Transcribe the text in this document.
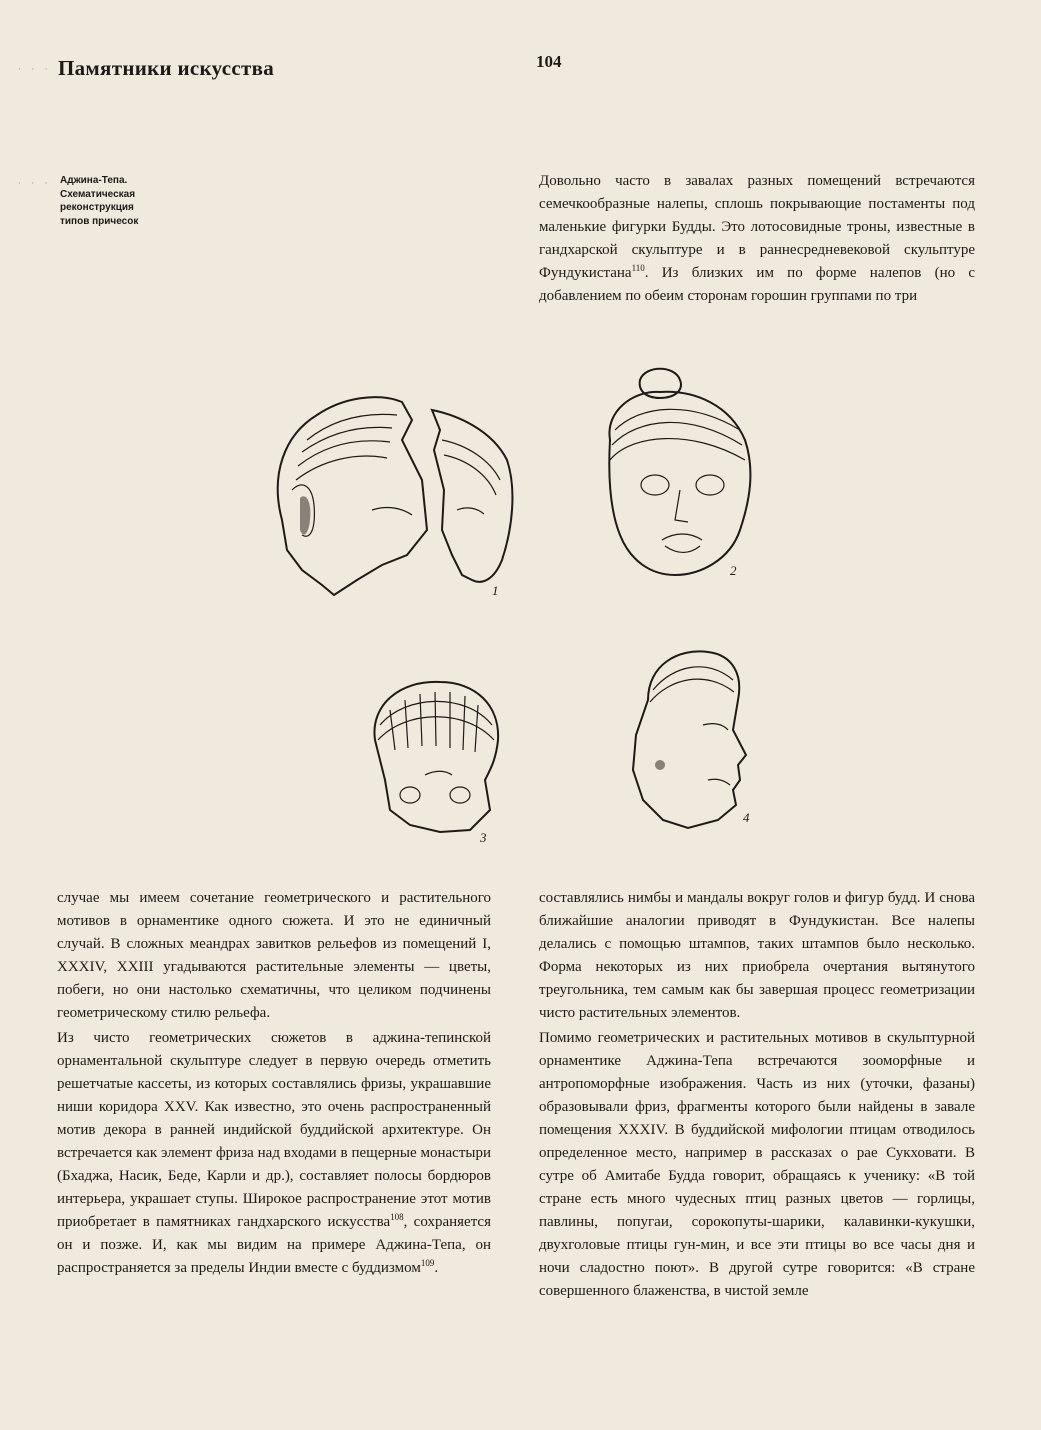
· · · Памятники искусства	104
· · · Аджина-Тепа.
Схематическая
реконструкция
типов причесок

Довольно часто в завалах разных помещений встречаются семечкообразные налепы, сплошь покрывающие постаменты под маленькие фигурки Будды. Это лотосовидные троны, известные в гандхарской скульптуре и в раннесредневековой скульптуре Фундукистана$^{110}$. Из близких им по форме налепов (но с добавлением по обеим сторонам горошин группами по три

1
2
3
4

случае мы имеем сочетание геометрического и растительного мотивов в орнаментике одного сюжета. И это не единичный случай. В сложных меандрах завитков рельефов из помещений I, XXXIV, XXIII угадываются растительные элементы — цветы, побеги, но они настолько схематичны, что целиком подчинены геометрическому стилю рельефа.

Из чисто геометрических сюжетов в аджина-тепинской орнаментальной скульптуре следует в первую очередь отметить решетчатые кассеты, из которых составлялись фризы, украшавшие ниши коридора XXV. Как известно, это очень распространенный мотив декора в ранней индийской буддийской архитектуре. Он встречается как элемент фриза над входами в пещерные монастыри (Бхаджа, Насик, Беде, Карли и др.), составляет полосы бордюров интерьера, украшает ступы. Широкое распространение этот мотив приобретает в памятниках гандхарского искусства$^{108}$, сохраняется он и позже. И, как мы видим на примере Аджина-Тепа, он распространяется за пределы Индии вместе с буддизмом$^{109}$.

составлялись нимбы и мандалы вокруг голов и фигур будд. И снова ближайшие аналогии приводят в Фундукистан. Все налепы делались с помощью штампов, таких штампов было несколько. Форма некоторых из них приобрела очертания вытянутого треугольника, тем самым как бы завершая процесс геометризации чисто растительных элементов.

Помимо геометрических и растительных мотивов в скульптурной орнаментике Аджина-Тепа встречаются зооморфные и антропоморфные изображения. Часть из них (уточки, фазаны) образовывали фриз, фрагменты которого были найдены в завале помещения XXXIV. В буддийской мифологии птицам отводилось определенное место, например в рассказах о рае Сукховати. В сутре об Амитабе Будда говорит, обращаясь к ученику: «В той стране есть много чудесных птиц разных цветов — горлицы, павлины, попугаи, сорокопуты-шарики, калавинки-кукушки, двухголовые птицы гун-мин, и все эти птицы во все часы дня и ночи сладостно поют». В другой сутре говорится: «В стране совершенного блаженства, в чистой земле
